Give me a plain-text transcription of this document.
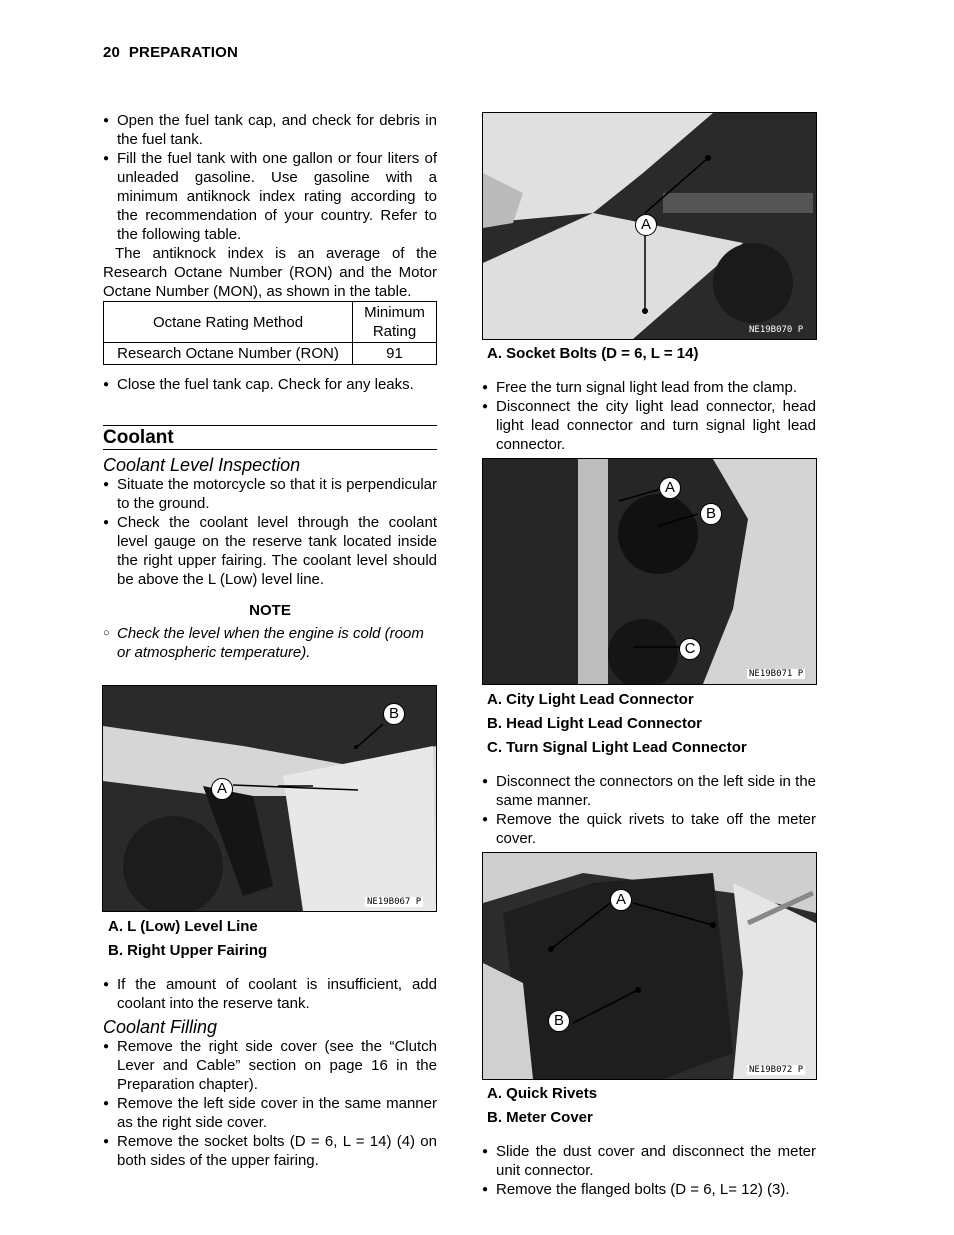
20 PREPARATION
● Open the fuel tank cap, and check for debris in the fuel tank.
● Fill the fuel tank with one gallon or four liters of unleaded gasoline. Use gasoline with a minimum antiknock index rating according to the recommendation of your country. Refer to the following table.
The antiknock index is an average of the Research Octane Number (RON) and the Motor Octane Number (MON), as shown in the table.
Octane Rating Method	Minimum Rating
Research Octane Number (RON)	91
● Close the fuel tank cap. Check for any leaks.
Coolant
Coolant Level Inspection
● Situate the motorcycle so that it is perpendicular to the ground.
● Check the coolant level through the coolant level gauge on the reserve tank located inside the right upper fairing. The coolant level should be above the L (Low) level line.
NOTE
○ Check the level when the engine is cold (room or atmospheric temperature).
A
B
NE19B067 P
A. L (Low) Level Line
B. Right Upper Fairing
● If the amount of coolant is insufficient, add coolant into the reserve tank.
Coolant Filling
● Remove the right side cover (see the “Clutch Lever and Cable” section on page 16 in the Preparation chapter).
● Remove the left side cover in the same manner as the right side cover.
● Remove the socket bolts (D = 6, L = 14) (4) on both sides of the upper fairing.
A
NE19B070 P
A. Socket Bolts (D = 6, L = 14)
● Free the turn signal light lead from the clamp.
● Disconnect the city light lead connector, head light lead connector and turn signal light lead connector.
A
B
C
NE19B071 P
A. City Light Lead Connector
B. Head Light Lead Connector
C. Turn Signal Light Lead Connector
● Disconnect the connectors on the left side in the same manner.
● Remove the quick rivets to take off the meter cover.
A
B
NE19B072 P
A. Quick Rivets
B. Meter Cover
● Slide the dust cover and disconnect the meter unit connector.
● Remove the flanged bolts (D = 6, L= 12) (3).
